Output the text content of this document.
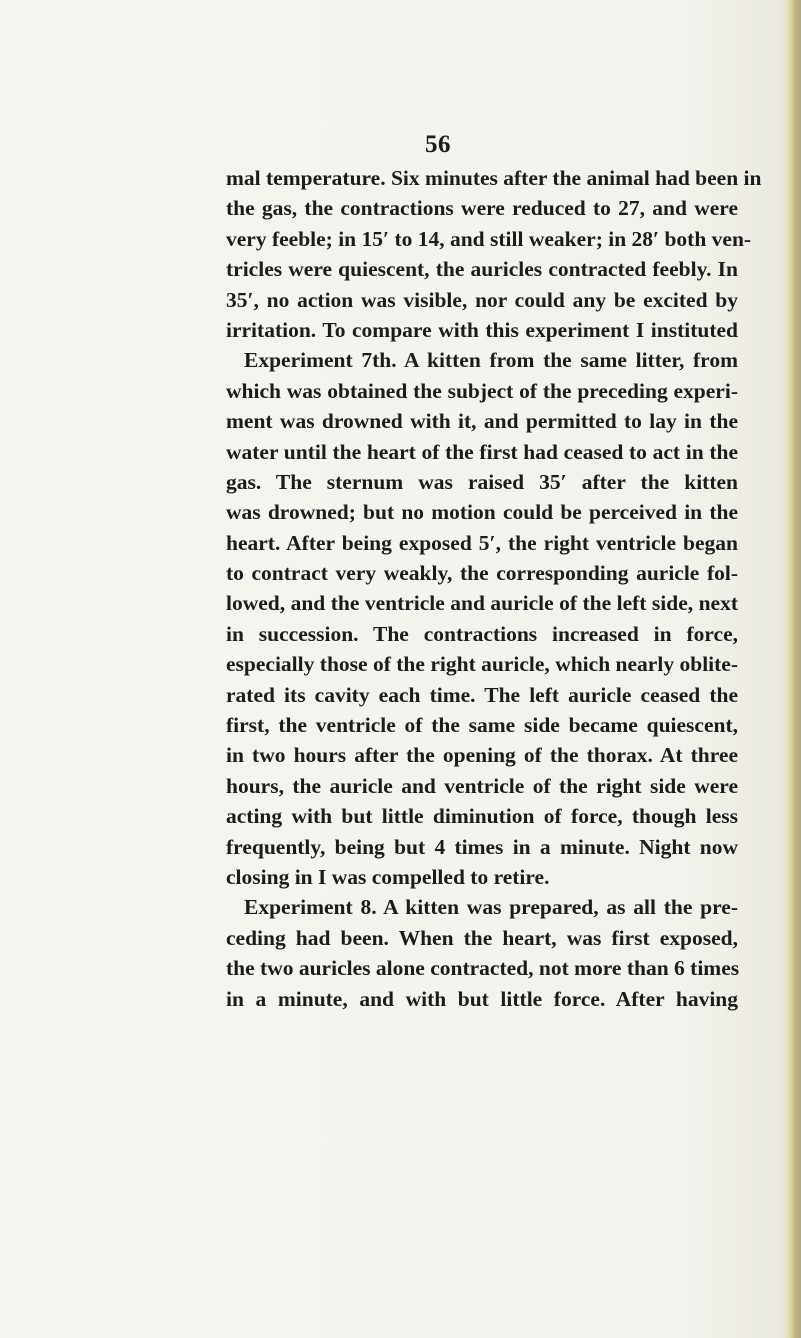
56
mal temperature. Six minutes after the animal had been in
the gas, the contractions were reduced to 27, and were
very feeble; in 15′ to 14, and still weaker; in 28′ both ven-
tricles were quiescent, the auricles contracted feebly. In
35′, no action was visible, nor could any be excited by
irritation. To compare with this experiment I instituted
Experiment 7th. A kitten from the same litter, from
which was obtained the subject of the preceding experi-
ment was drowned with it, and permitted to lay in the
water until the heart of the first had ceased to act in the
gas. The sternum was raised 35′ after the kitten
was drowned; but no motion could be perceived in the
heart. After being exposed 5′, the right ventricle began
to contract very weakly, the corresponding auricle fol-
lowed, and the ventricle and auricle of the left side, next
in succession. The contractions increased in force,
especially those of the right auricle, which nearly oblite-
rated its cavity each time. The left auricle ceased the
first, the ventricle of the same side became quiescent,
in two hours after the opening of the thorax. At three
hours, the auricle and ventricle of the right side were
acting with but little diminution of force, though less
frequently, being but 4 times in a minute. Night now
closing in I was compelled to retire.
Experiment 8. A kitten was prepared, as all the pre-
ceding had been. When the heart, was first exposed,
the two auricles alone contracted, not more than 6 times
in a minute, and with but little force. After having
